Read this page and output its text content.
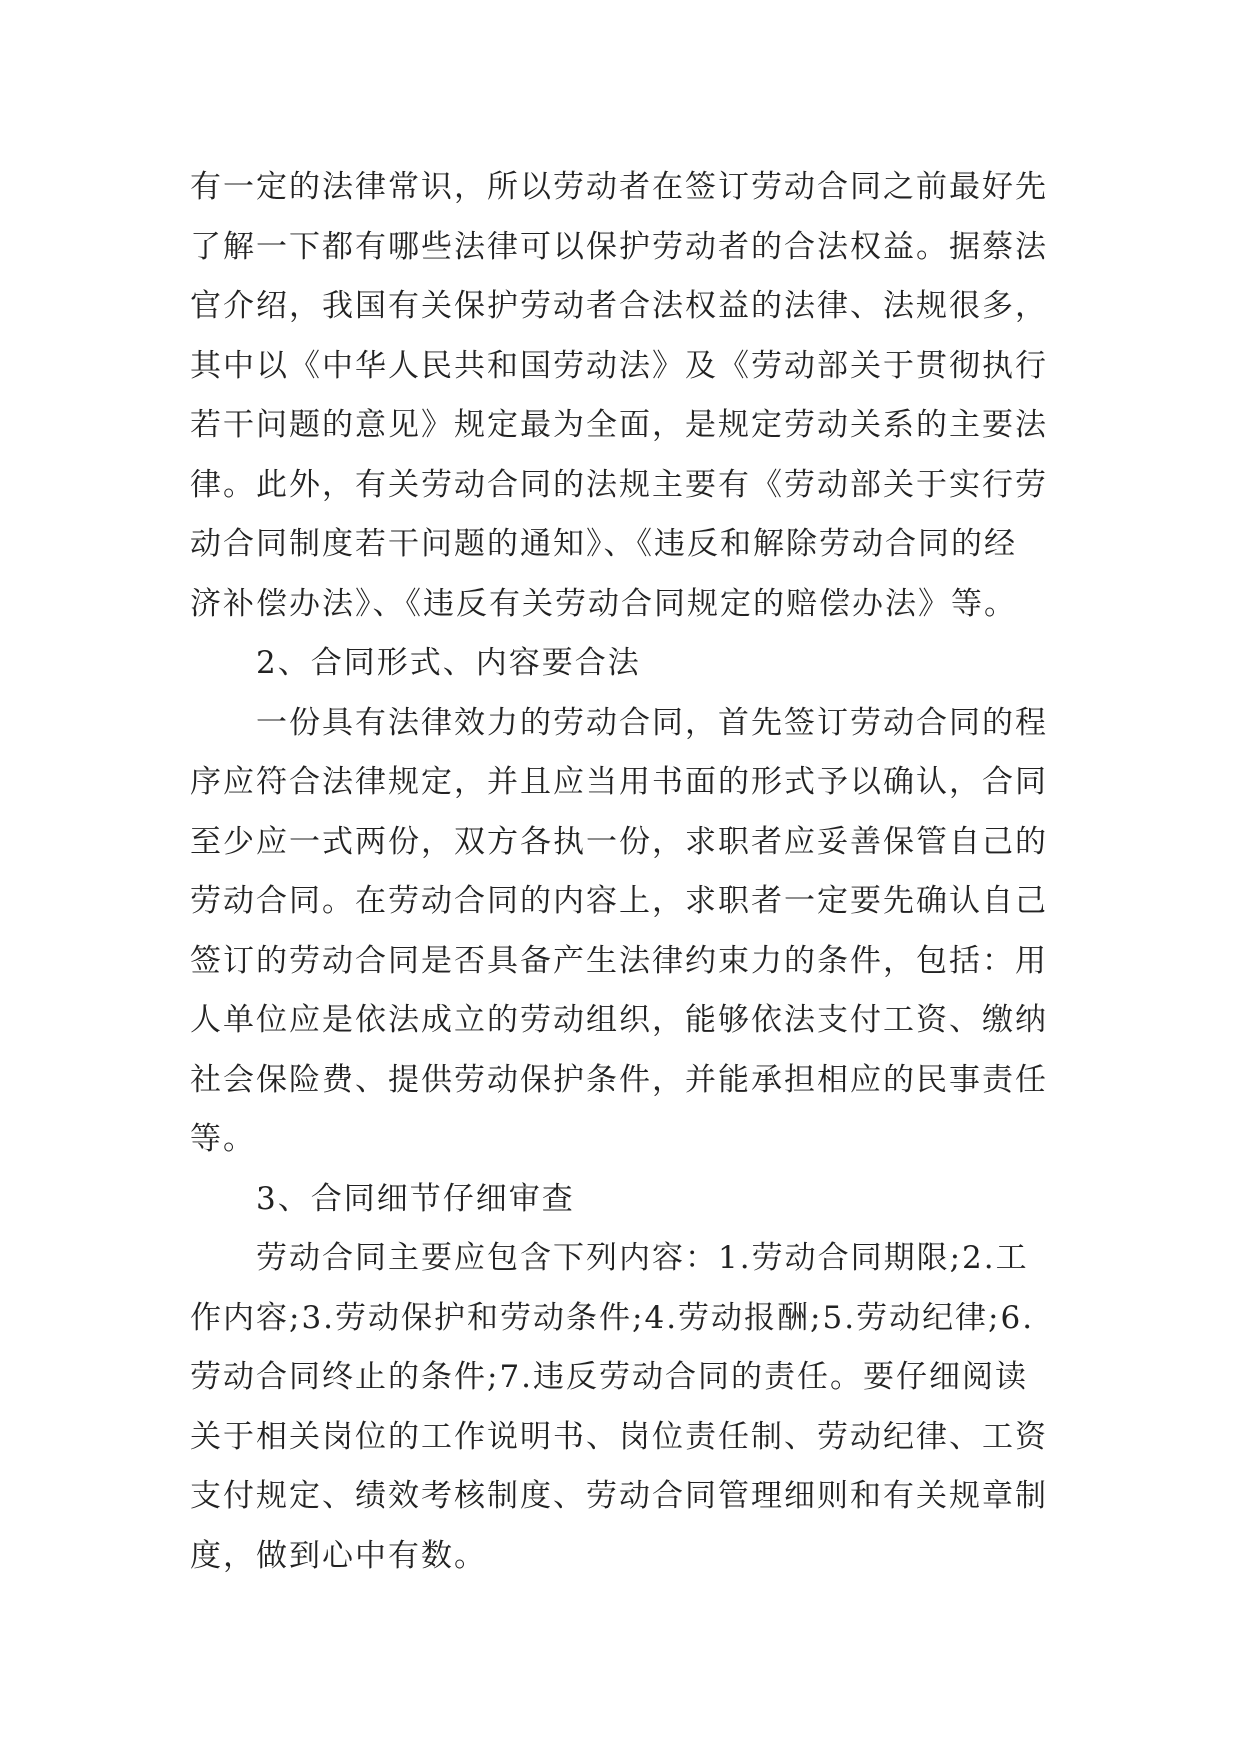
有一定的法律常识，所以劳动者在签订劳动合同之前最好先
了解一下都有哪些法律可以保护劳动者的合法权益。据蔡法
官介绍，我国有关保护劳动者合法权益的法律、法规很多，
其中以《中华人民共和国劳动法》及《劳动部关于贯彻执行
若干问题的意见》规定最为全面，是规定劳动关系的主要法
律。此外，有关劳动合同的法规主要有《劳动部关于实行劳
动合同制度若干问题的通知》、《违反和解除劳动合同的经
济补偿办法》、《违反有关劳动合同规定的赔偿办法》等。

2、合同形式、内容要合法

一份具有法律效力的劳动合同，首先签订劳动合同的程
序应符合法律规定，并且应当用书面的形式予以确认，合同
至少应一式两份，双方各执一份，求职者应妥善保管自己的
劳动合同。在劳动合同的内容上，求职者一定要先确认自己
签订的劳动合同是否具备产生法律约束力的条件，包括：用
人单位应是依法成立的劳动组织，能够依法支付工资、缴纳
社会保险费、提供劳动保护条件，并能承担相应的民事责任
等。

3、合同细节仔细审查

劳动合同主要应包含下列内容：1.劳动合同期限;2.工
作内容;3.劳动保护和劳动条件;4.劳动报酬;5.劳动纪律;6.
劳动合同终止的条件;7.违反劳动合同的责任。要仔细阅读
关于相关岗位的工作说明书、岗位责任制、劳动纪律、工资
支付规定、绩效考核制度、劳动合同管理细则和有关规章制
度，做到心中有数。
